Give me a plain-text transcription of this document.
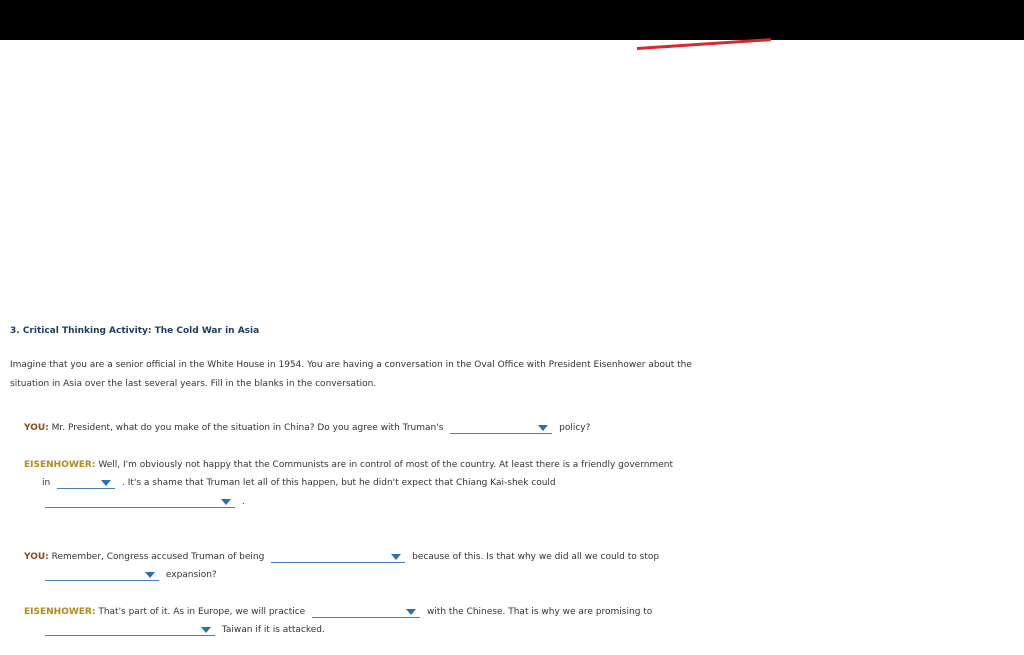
3. Critical Thinking Activity: The Cold War in Asia
Imagine that you are a senior official in the White House in 1954. You are having a conversation in the Oval Office with President Eisenhower about the situation in Asia over the last several years. Fill in the blanks in the conversation.
YOU: Mr. President, what do you make of the situation in China? Do you agree with Truman's	policy?
EISENHOWER: Well, I'm obviously not happy that the Communists are in control of most of the country. At least there is a friendly government
in	. It's a shame that Truman let all of this happen, but he didn't expect that Chiang Kai-shek could
.
YOU: Remember, Congress accused Truman of being	because of this. Is that why we did all we could to stop
expansion?
EISENHOWER: That's part of it. As in Europe, we will practice	with the Chinese. That is why we are promising to
Taiwan if it is attacked.
